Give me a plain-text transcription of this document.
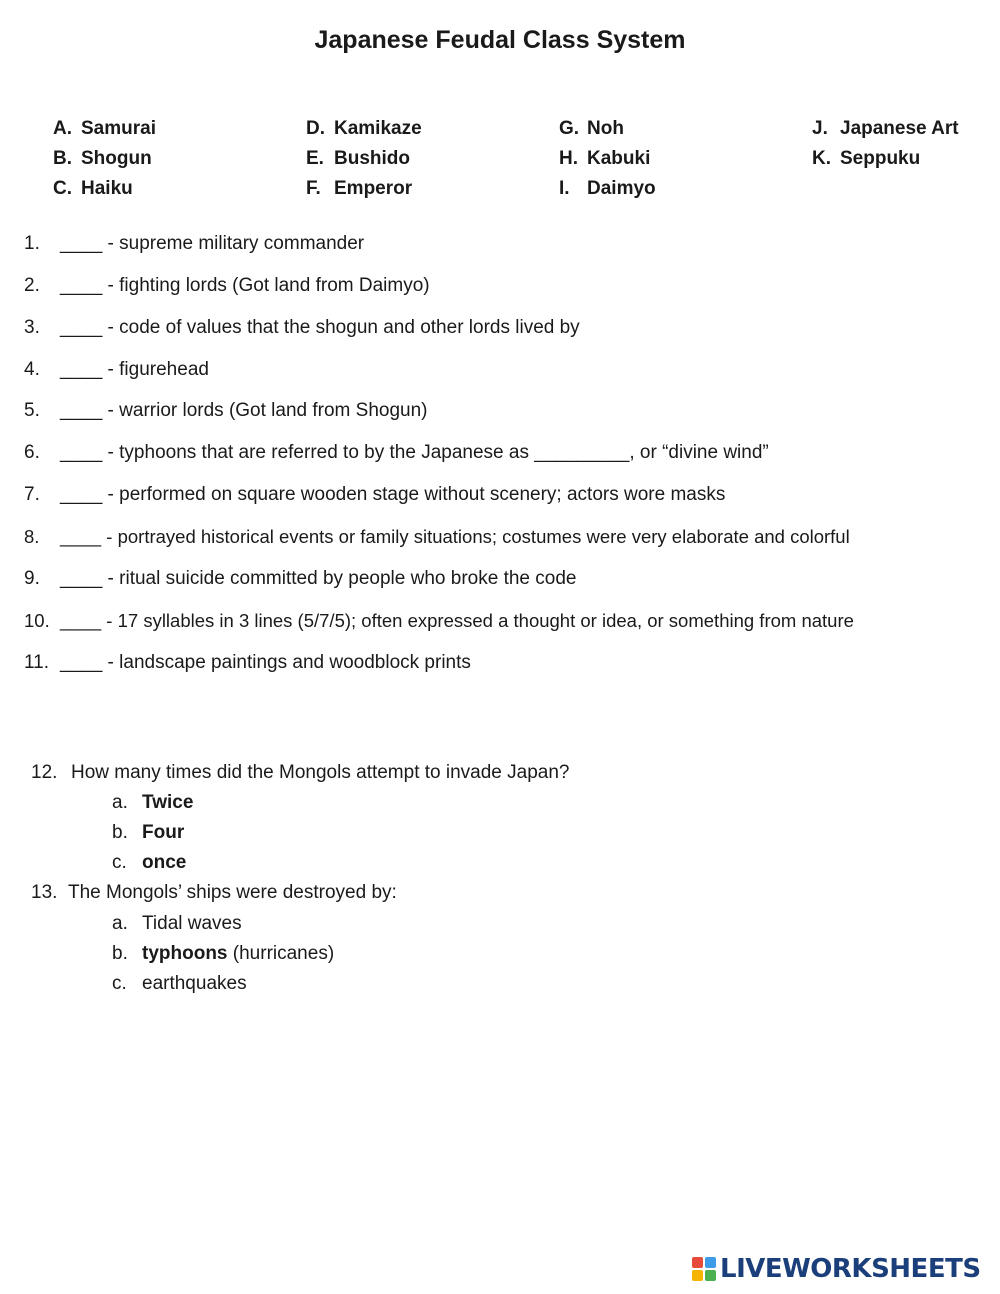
Japanese Feudal Class System
A. Samurai
B. Shogun
C. Haiku
D. Kamikaze
E. Bushido
F. Emperor
G. Noh
H. Kabuki
I. Daimyo
J. Japanese Art
K. Seppuku
1. ____ - supreme military commander
2. ____ - fighting lords (Got land from Daimyo)
3. ____ - code of values that the shogun and other lords lived by
4. ____ - figurehead
5. ____ - warrior lords (Got land from Shogun)
6. ____ - typhoons that are referred to by the Japanese as _________, or “divine wind”
7. ____ - performed on square wooden stage without scenery; actors wore masks
8. ____ - portrayed historical events or family situations; costumes were very elaborate and colorful
9. ____ - ritual suicide committed by people who broke the code
10. ____ - 17 syllables in 3 lines (5/7/5); often expressed a thought or idea, or something from nature
11. ____ - landscape paintings and woodblock prints
12. How many times did the Mongols attempt to invade Japan?
a. Twice
b. Four
c. once
13. The Mongols’ ships were destroyed by:
a. Tidal waves
b. typhoons (hurricanes)
c. earthquakes
LIVEWORKSHEETS
